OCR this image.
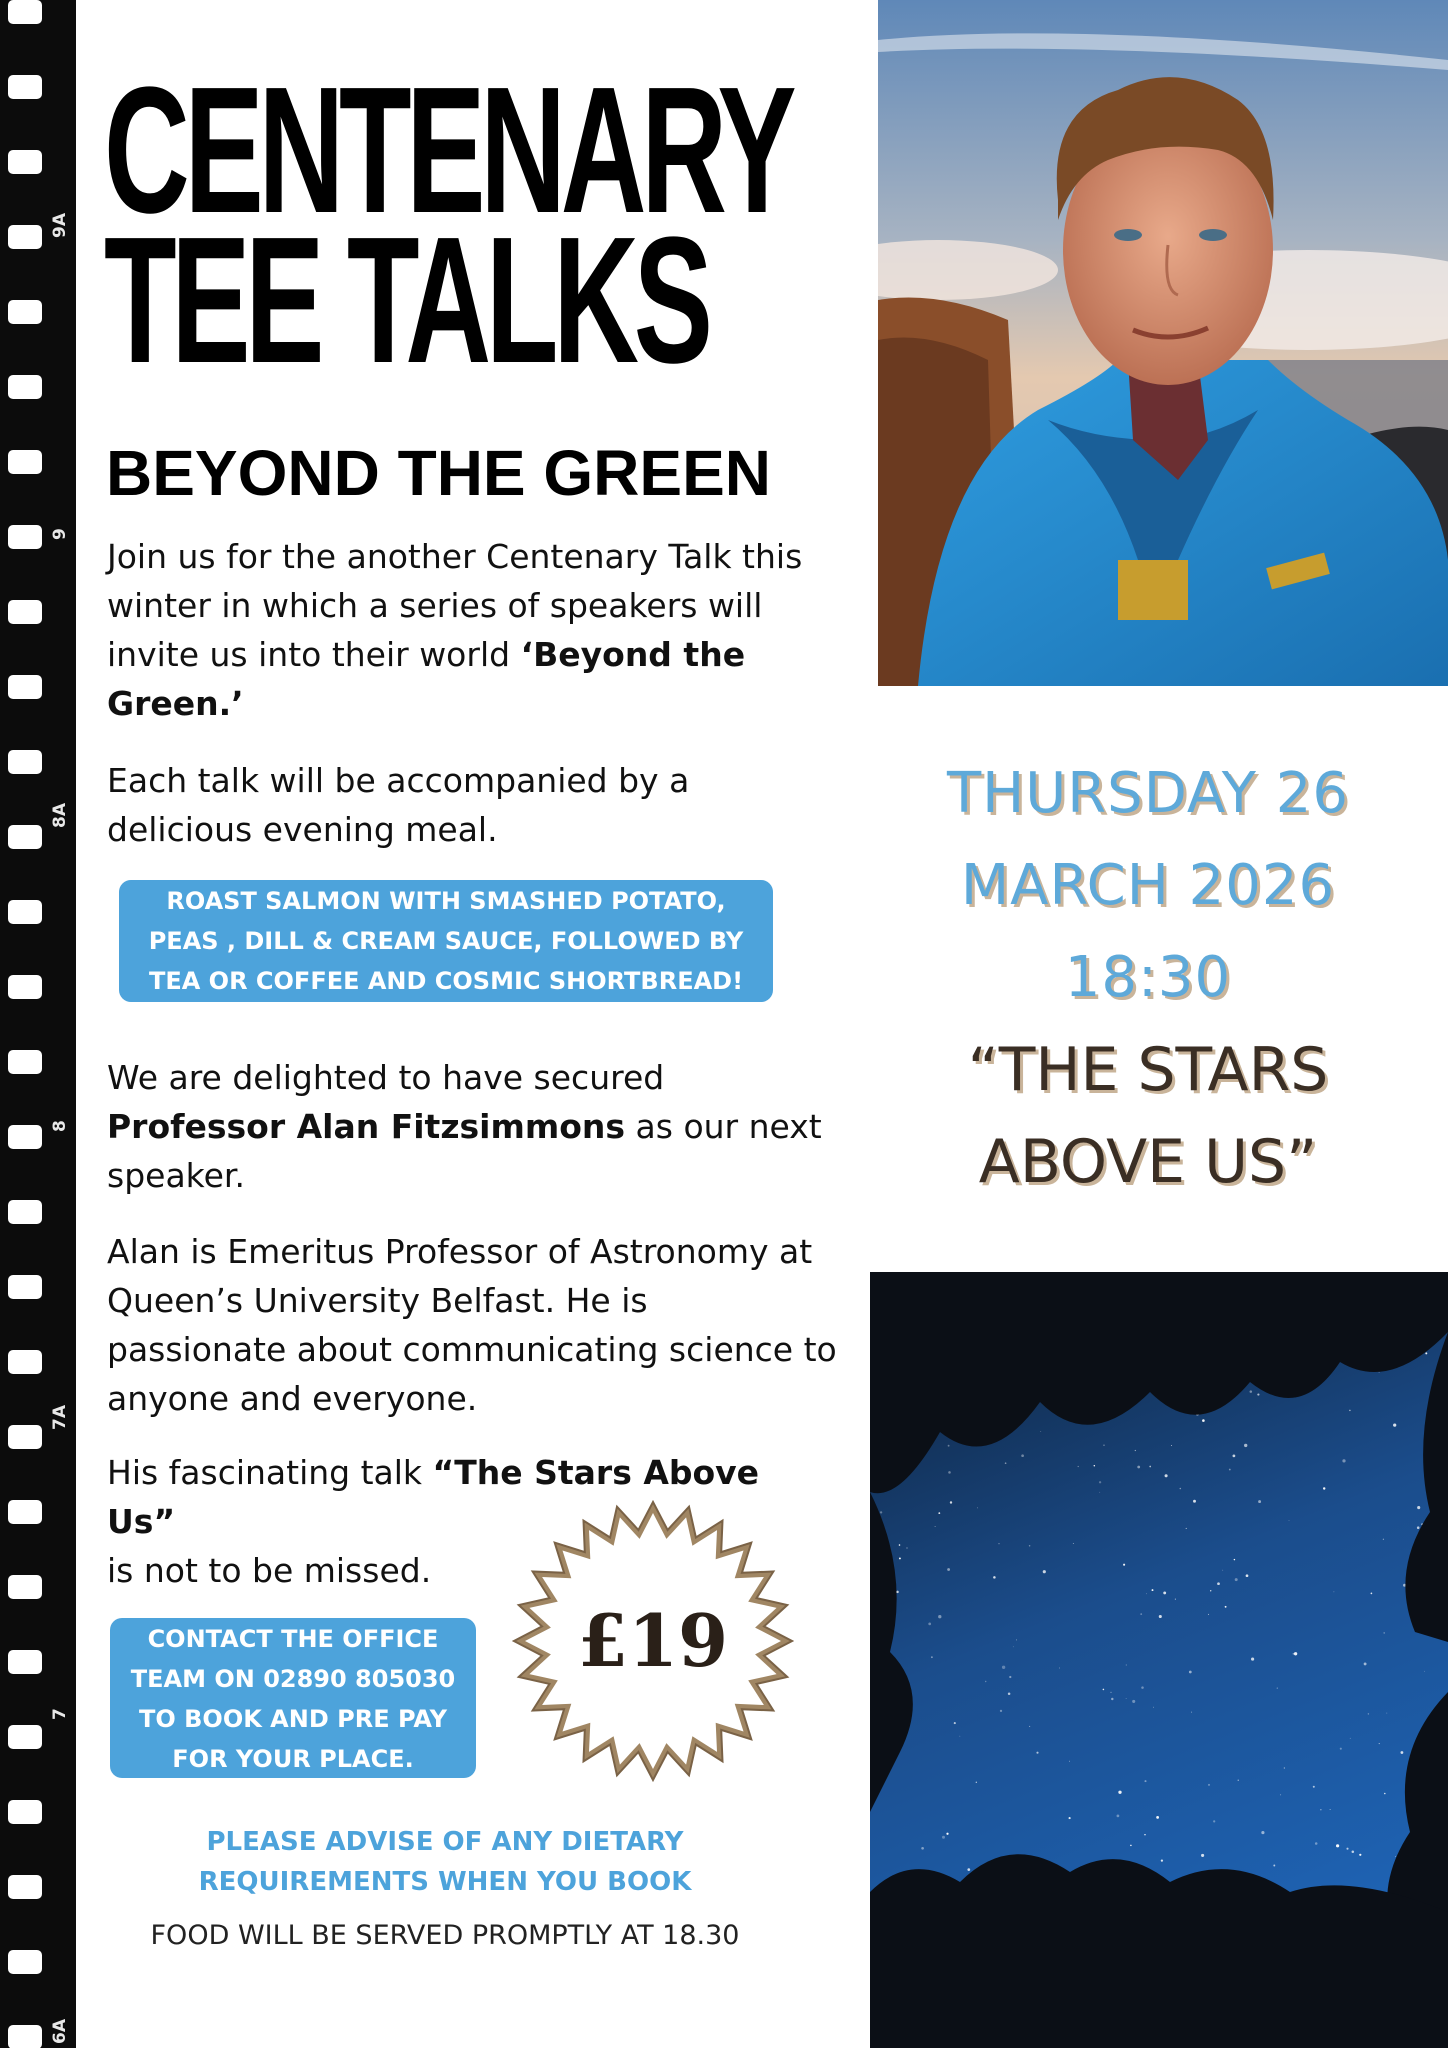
9A
9
8A
8
7A
7
6A
CENTENARY
TEE TALKS
BEYOND THE GREEN

Join us for the another Centenary Talk this winter in which a series of speakers will invite us into their world ‘Beyond the Green.’

Each talk will be accompanied by a delicious evening meal.

ROAST SALMON WITH SMASHED POTATO,
PEAS , DILL & CREAM SAUCE, FOLLOWED BY
TEA OR COFFEE AND COSMIC SHORTBREAD!

We are delighted to have secured Professor Alan Fitzsimmons as our next speaker.

Alan is Emeritus Professor of Astronomy at Queen’s University Belfast. He is passionate about communicating science to anyone and everyone.

His fascinating talk “The Stars Above Us”
is not to be missed.

CONTACT THE OFFICE
TEAM ON 02890 805030
TO BOOK AND PRE PAY
FOR YOUR PLACE.
£19

PLEASE ADVISE OF ANY DIETARY
REQUIREMENTS WHEN YOU BOOK

FOOD WILL BE SERVED PROMPTLY AT 18.30

THURSDAY 26
MARCH 2026
18:30
“THE STARS
ABOVE US”
